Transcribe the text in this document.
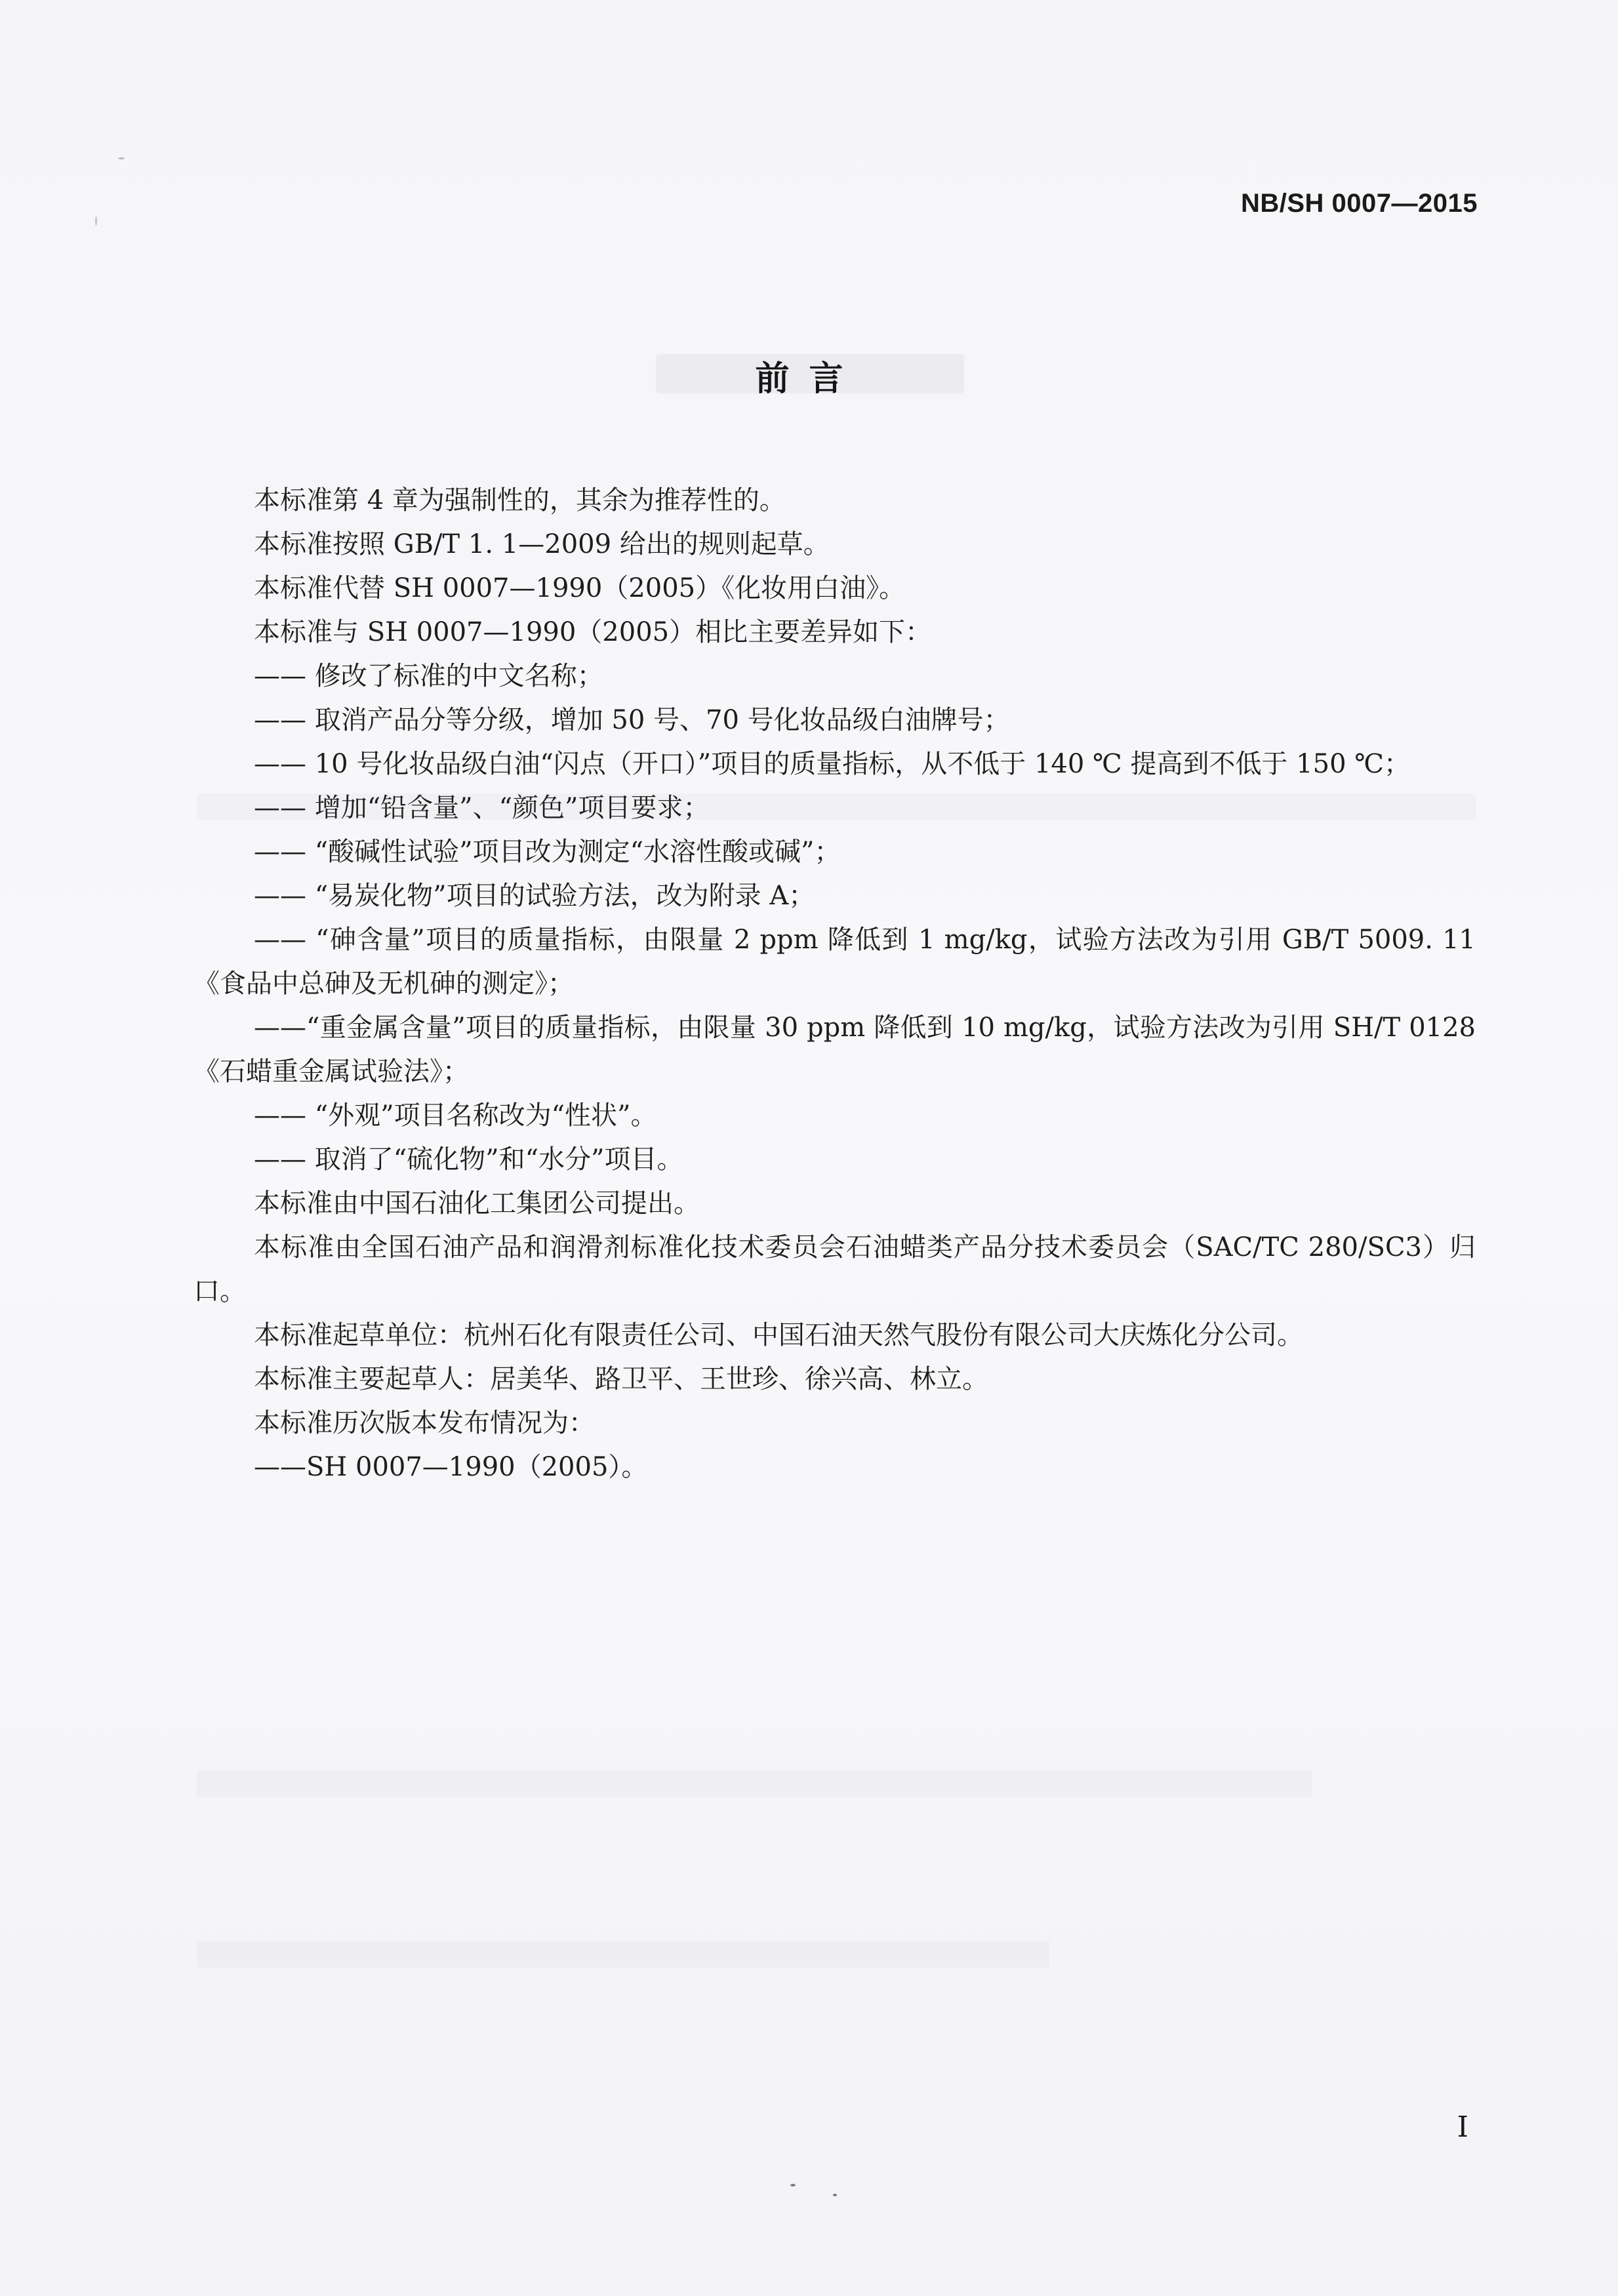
NB/SH 0007—2015
前言

本标准第 4 章为强制性的，其余为推荐性的。

本标准按照 GB/T 1. 1—2009 给出的规则起草。

本标准代替 SH 0007—1990（2005）《化妆用白油》。

本标准与 SH 0007—1990（2005）相比主要差异如下：

—— 修改了标准的中文名称；

—— 取消产品分等分级，增加 50 号、70 号化妆品级白油牌号；

—— 10 号化妆品级白油“闪点（开口）”项目的质量指标，从不低于 140 ℃ 提高到不低于 150 ℃；

—— 增加“铅含量”、“颜色”项目要求；

—— “酸碱性试验”项目改为测定“水溶性酸或碱”；

—— “易炭化物”项目的试验方法，改为附录 A；

—— “砷含量”项目的质量指标，由限量 2 ppm 降低到 1 mg/kg，试验方法改为引用 GB/T 5009. 11《食品中总砷及无机砷的测定》；

——“重金属含量”项目的质量指标，由限量 30 ppm 降低到 10 mg/kg，试验方法改为引用 SH/T 0128《石蜡重金属试验法》；

—— “外观”项目名称改为“性状”。

—— 取消了“硫化物”和“水分”项目。

本标准由中国石油化工集团公司提出。

本标准由全国石油产品和润滑剂标准化技术委员会石油蜡类产品分技术委员会（SAC/TC 280/SC3）归口。

本标准起草单位：杭州石化有限责任公司、中国石油天然气股份有限公司大庆炼化分公司。

本标准主要起草人：居美华、路卫平、王世珍、徐兴高、林立。

本标准历次版本发布情况为：

——SH 0007—1990（2005）。

I
